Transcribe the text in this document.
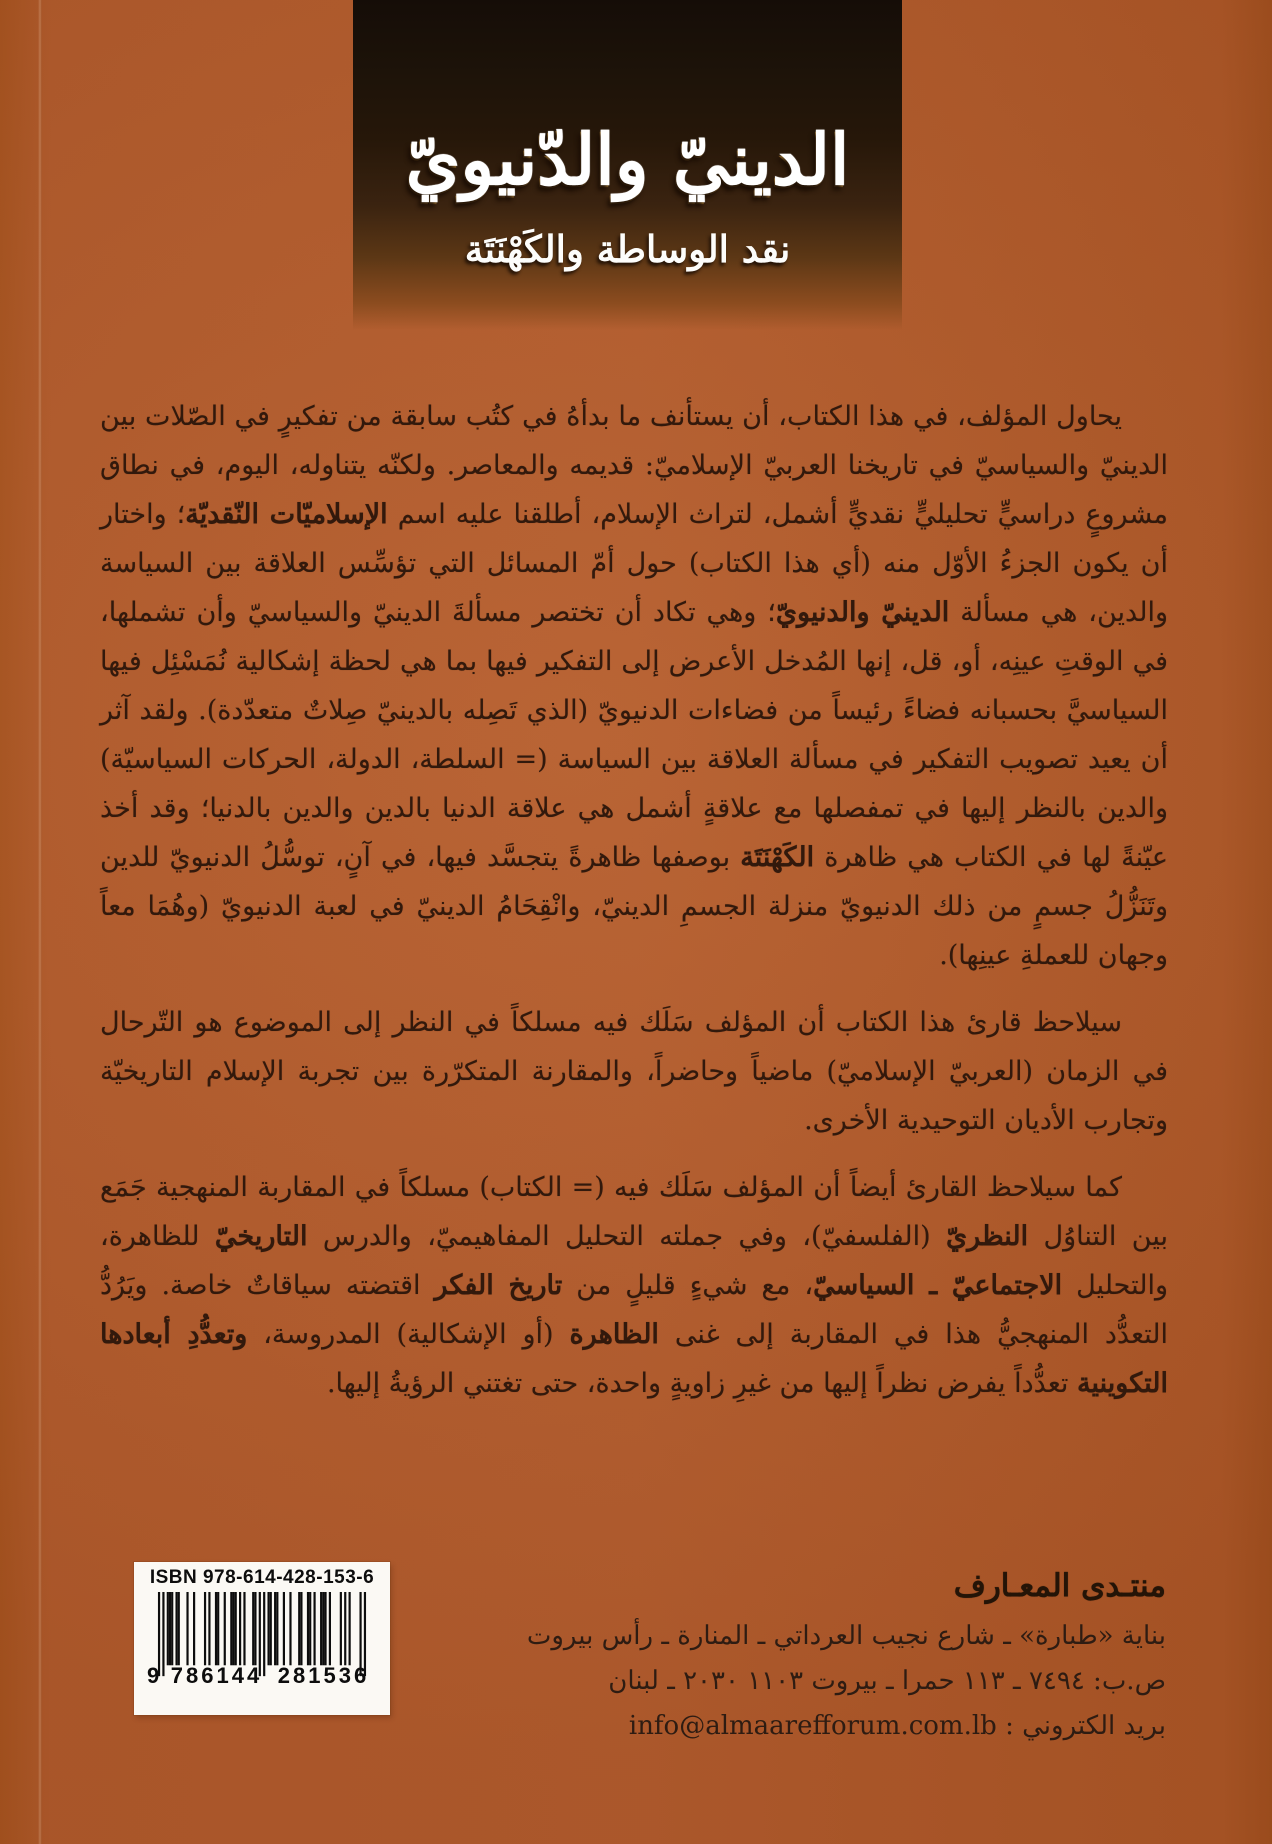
الدينيّ والدّنيويّ
نقد الوساطة والكَهْنَتَة

يحاول المؤلف، في هذا الكتاب، أن يستأنف ما بدأهُ في كتُب سابقة من تفكيرٍ في الصّلات بين الدينيّ والسياسيّ في تاريخنا العربيّ الإسلاميّ: قديمه والمعاصر. ولكنّه يتناوله، اليوم، في نطاق مشروعٍ دراسيٍّ تحليليٍّ نقديٍّ أشمل، لتراث الإسلام، أطلقنا عليه اسم الإسلاميّات النّقديّة؛ واختار أن يكون الجزءُ الأوّل منه (أي هذا الكتاب) حول أمّ المسائل التي تؤسِّس العلاقة بين السياسة والدين، هي مسألة الدينيّ والدنيويّ؛ وهي تكاد أن تختصر مسألةَ الدينيّ والسياسيّ وأن تشملها، في الوقتِ عينِه، أو، قل، إنها المُدخل الأعرض إلى التفكير فيها بما هي لحظة إشكالية نُمَسْئِل فيها السياسيَّ بحسبانه فضاءً رئيساً من فضاءات الدنيويّ (الذي تَصِله بالدينيّ صِلاتٌ متعدّدة). ولقد آثر أن يعيد تصويب التفكير في مسألة العلاقة بين السياسة (= السلطة، الدولة، الحركات السياسيّة) والدين بالنظر إليها في تمفصلها مع علاقةٍ أشمل هي علاقة الدنيا بالدين والدين بالدنيا؛ وقد أخذ عيّنةً لها في الكتاب هي ظاهرة الكَهْنَتَة بوصفها ظاهرةً يتجسَّد فيها، في آنٍ، توسُّلُ الدنيويّ للدين وتَنَزُّلُ جسمٍ من ذلك الدنيويّ منزلة الجسمِ الدينيّ، وانْقِحَامُ الدينيّ في لعبة الدنيويّ (وهُمَا معاً وجهان للعملةِ عينِها).

سيلاحظ قارئ هذا الكتاب أن المؤلف سَلَك فيه مسلكاً في النظر إلى الموضوع هو التّرحال في الزمان (العربيّ الإسلاميّ) ماضياً وحاضراً، والمقارنة المتكرّرة بين تجربة الإسلام التاريخيّة وتجارب الأديان التوحيدية الأخرى.

كما سيلاحظ القارئ أيضاً أن المؤلف سَلَك فيه (= الكتاب) مسلكاً في المقاربة المنهجية جَمَع بين التناوُل النظريّ (الفلسفيّ)، وفي جملته التحليل المفاهيميّ، والدرس التاريخيّ للظاهرة، والتحليل الاجتماعيّ ـ السياسيّ، مع شيءٍ قليلٍ من تاريخ الفكر اقتضته سياقاتٌ خاصة. ويَرُدُّ التعدُّد المنهجيُّ هذا في المقاربة إلى غنى الظاهرة (أو الإشكالية) المدروسة، وتعدُّدِ أبعادها التكوينية تعدُّداً يفرض نظراً إليها من غيرِ زاويةٍ واحدة، حتى تغتني الرؤيةُ إليها.

ISBN 978-614-428-153-6
9 786144 281536
منتـدى المعـارف
بناية «طبارة» ـ شارع نجيب العرداتي ـ المنارة ـ رأس بيروت
ص.ب: ٧٤٩٤ ـ ١١٣ حمرا ـ بيروت ١١٠٣ ٢٠٣٠ ـ لبنان
بريد الكتروني : info@almaarefforum.com.lb
